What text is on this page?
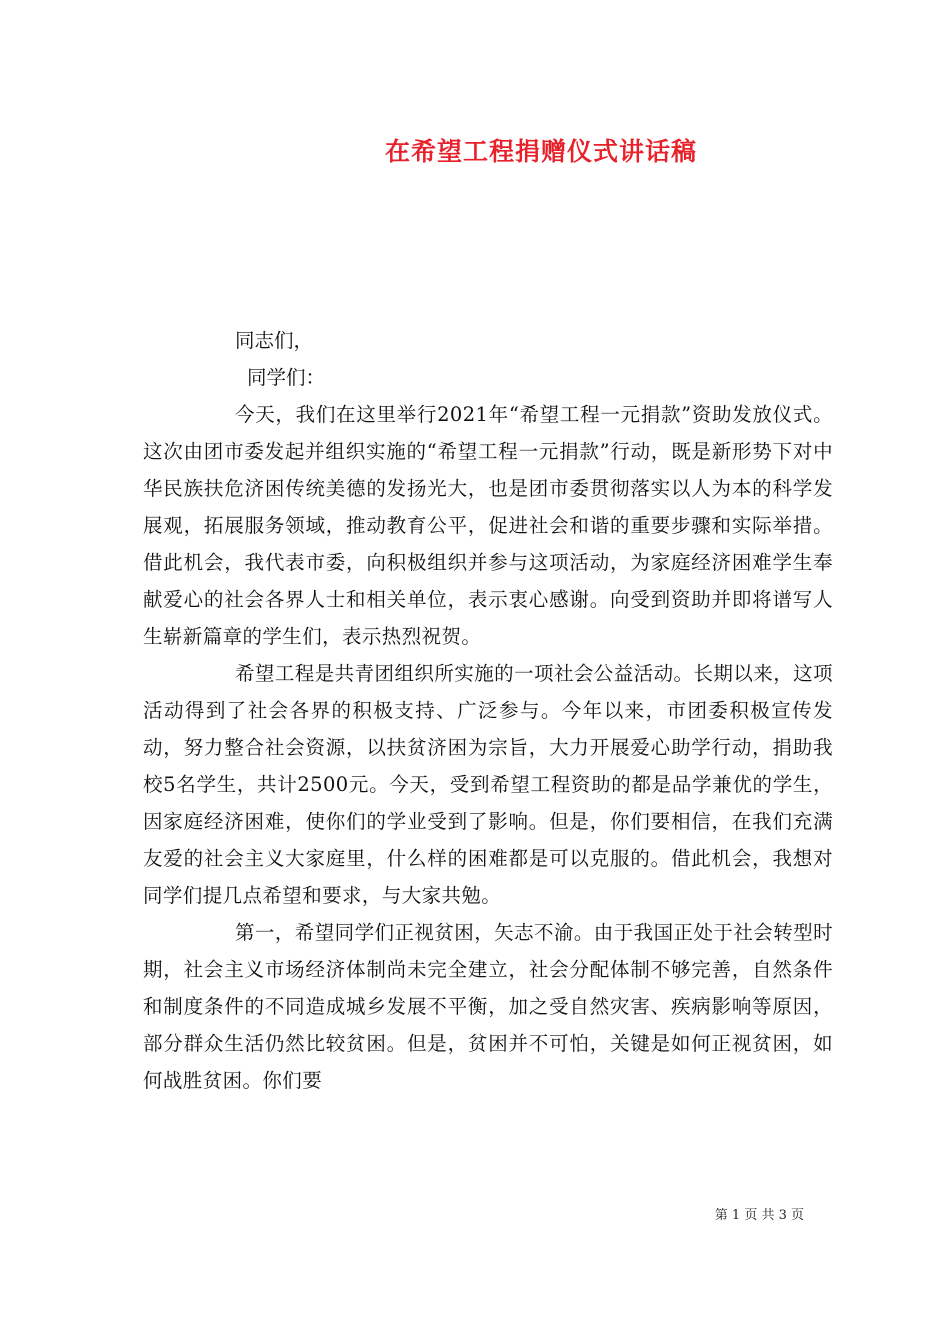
在希望工程捐赠仪式讲话稿

同志们，

同学们：

今天，我们在这里举行2021年“希望工程一元捐款”资助发放仪式。这次由团市委发起并组织实施的“希望工程一元捐款”行动，既是新形势下对中华民族扶危济困传统美德的发扬光大，也是团市委贯彻落实以人为本的科学发展观，拓展服务领域，推动教育公平，促进社会和谐的重要步骤和实际举措。借此机会，我代表市委，向积极组织并参与这项活动，为家庭经济困难学生奉献爱心的社会各界人士和相关单位，表示衷心感谢。向受到资助并即将谱写人生崭新篇章的学生们，表示热烈祝贺。

希望工程是共青团组织所实施的一项社会公益活动。长期以来，这项活动得到了社会各界的积极支持、广泛参与。今年以来，市团委积极宣传发动，努力整合社会资源，以扶贫济困为宗旨，大力开展爱心助学行动，捐助我校5名学生，共计2500元。今天，受到希望工程资助的都是品学兼优的学生，因家庭经济困难，使你们的学业受到了影响。但是，你们要相信，在我们充满友爱的社会主义大家庭里，什么样的困难都是可以克服的。借此机会，我想对同学们提几点希望和要求，与大家共勉。

第一，希望同学们正视贫困，矢志不渝。由于我国正处于社会转型时期，社会主义市场经济体制尚未完全建立，社会分配体制不够完善，自然条件和制度条件的不同造成城乡发展不平衡，加之受自然灾害、疾病影响等原因，部分群众生活仍然比较贫困。但是，贫困并不可怕，关键是如何正视贫困，如何战胜贫困。你们要

第 1 页 共 3 页
